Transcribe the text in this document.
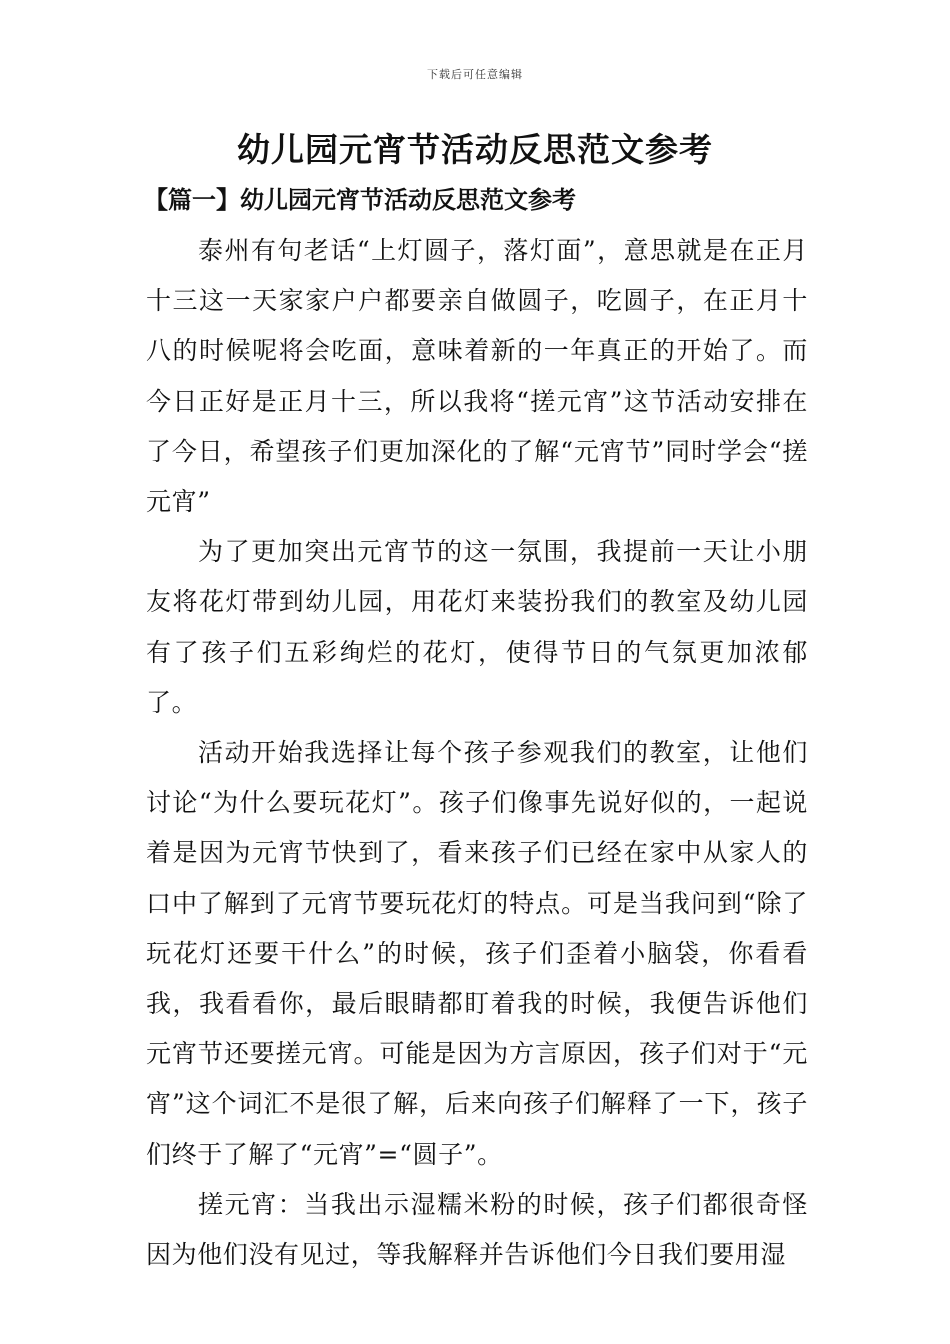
下载后可任意编辑
幼儿园元宵节活动反思范文参考
【篇一】幼儿园元宵节活动反思范文参考

泰州有句老话“上灯圆子，落灯面”，意思就是在正月十三这一天家家户户都要亲自做圆子，吃圆子，在正月十八的时候呢将会吃面，意味着新的一年真正的开始了。而今日正好是正月十三，所以我将“搓元宵”这节活动安排在了今日，希望孩子们更加深化的了解“元宵节”同时学会“搓元宵”

为了更加突出元宵节的这一氛围，我提前一天让小朋友将花灯带到幼儿园，用花灯来装扮我们的教室及幼儿园有了孩子们五彩绚烂的花灯，使得节日的气氛更加浓郁了。

活动开始我选择让每个孩子参观我们的教室，让他们讨论“为什么要玩花灯”。孩子们像事先说好似的，一起说着是因为元宵节快到了，看来孩子们已经在家中从家人的口中了解到了元宵节要玩花灯的特点。可是当我问到“除了玩花灯还要干什么”的时候，孩子们歪着小脑袋，你看看我，我看看你，最后眼睛都盯着我的时候，我便告诉他们元宵节还要搓元宵。可能是因为方言原因，孩子们对于“元宵”这个词汇不是很了解，后来向孩子们解释了一下，孩子们终于了解了“元宵”=“圆子”。

搓元宵：当我出示湿糯米粉的时候，孩子们都很奇怪因为他们没有见过，等我解释并告诉他们今日我们要用湿
